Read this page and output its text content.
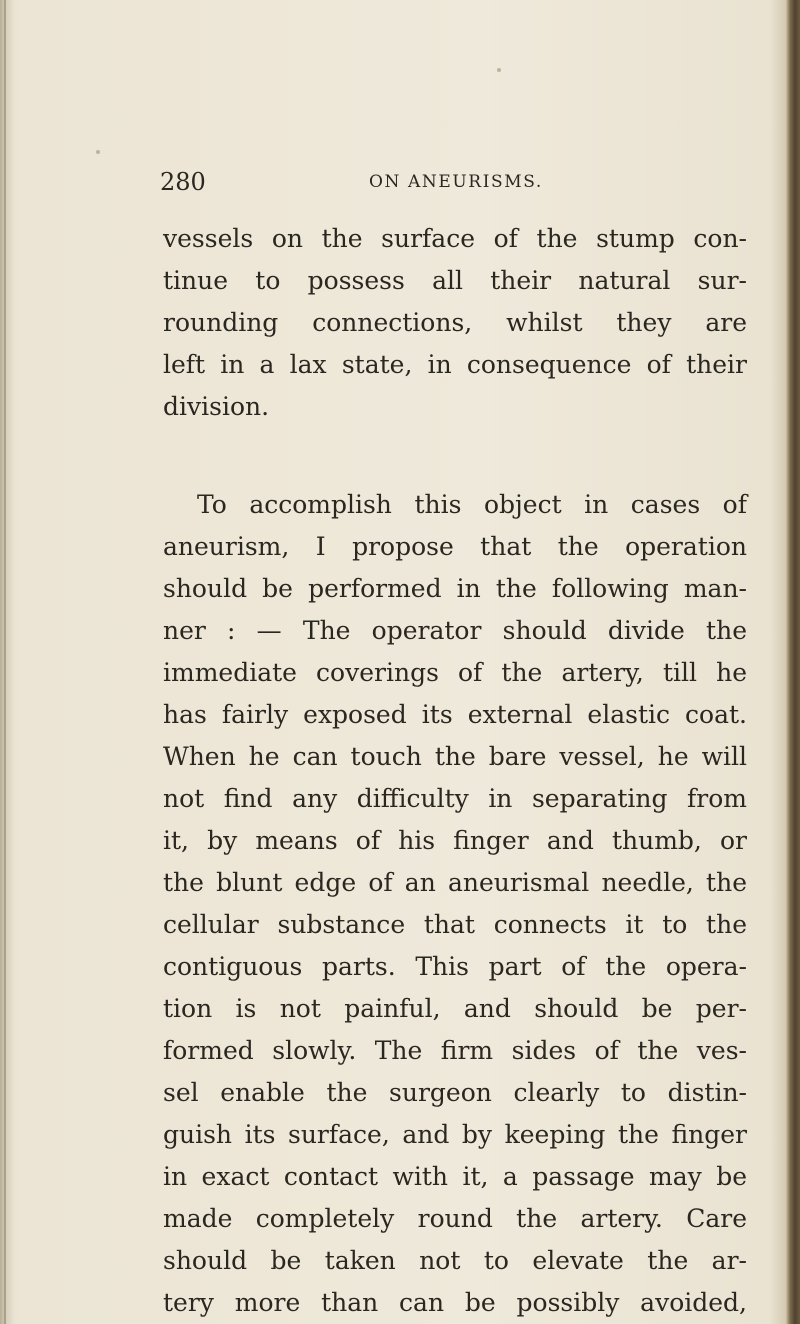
280	ON ANEURISMS.
vessels on the surface of the stump con-
tinue to possess all their natural sur-
rounding connections, whilst they are
left in a lax state, in consequence of their
division.
To accomplish this object in cases of
aneurism, I propose that the operation
should be performed in the following man-
ner : — The operator should divide the
immediate coverings of the artery, till he
has fairly exposed its external elastic coat.
When he can touch the bare vessel, he will
not find any difficulty in separating from
it, by means of his finger and thumb, or
the blunt edge of an aneurismal needle, the
cellular substance that connects it to the
contiguous parts. This part of the opera-
tion is not painful, and should be per-
formed slowly. The firm sides of the ves-
sel enable the surgeon clearly to distin-
guish its surface, and by keeping the finger
in exact contact with it, a passage may be
made completely round the artery. Care
should be taken not to elevate the ar-
tery more than can be possibly avoided,
